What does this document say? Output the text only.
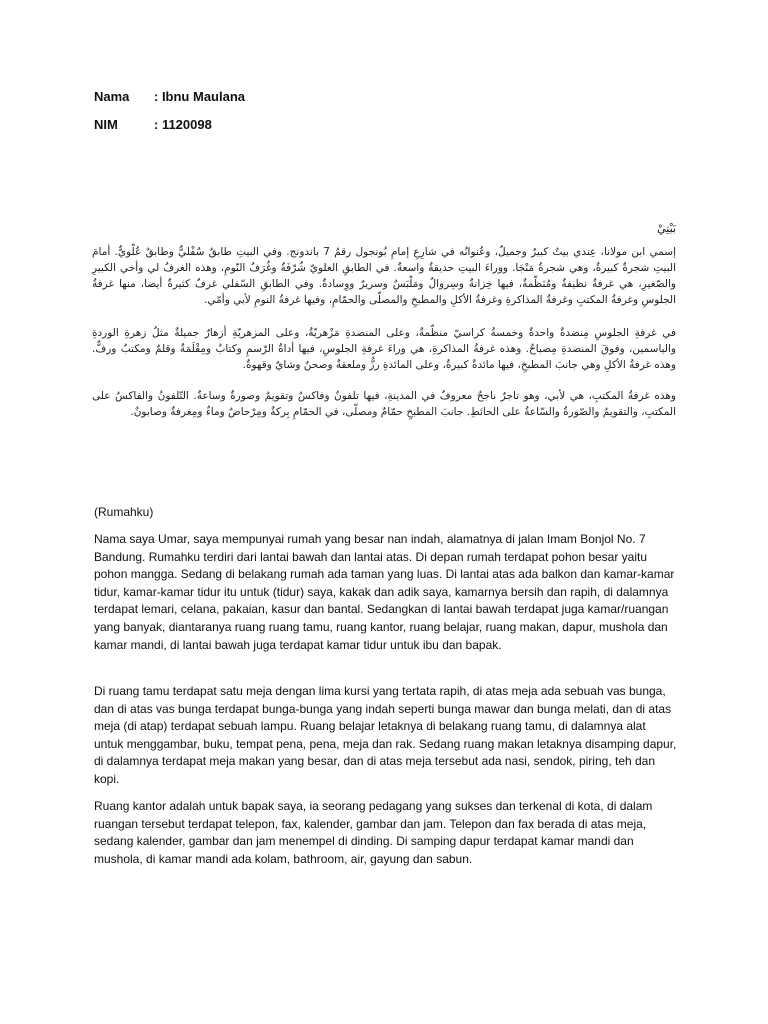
Nama : Ibnu Maulana
NIM	: 1120098
بَيْتِيْ
إسمي ابن مولانا، عِندي بيتٌ كبيرٌ وجميلٌ، وعُنوانُه في شارِعِ إمامِ بُونجول رقمُ 7 باندونج. وفي البيتِ طابقٌ سُفْليٌّ وطابقٌ عُلْويٌّ. أمامَ البيتِ شجرةٌ كبيرةٌ، وهي شجرةُ مَنْجَا. ووراءَ البيتِ حديقةٌ واسعةٌ. في الطابقِ العلويّ شُرْفَةٌ وغُرَفُ النّومِ، وهذه الغرفُ لي وأخي الكبيرِ والصّغيرِ، هي غرفةٌ نظيفةٌ ومُنَظّمةٌ، فيها خِزانةٌ وسِروالٌ ومَلْبَسٌ وسريرٌ ووِسادةٌ. وفي الطابقِ السّفلي غرفٌ كثيرةٌ أيضا، منها غرفةُ الجلوسِ وغرفةُ المكتبِ وغرفةُ المذاكرةِ وغرفةُ الأكلِ والمطبخِ والمصلّى والحمّامِ، وفيها غرفةُ النومِ لأبي وأمّي.
في غرفةِ الجلوسِ مِنضدةٌ واحدةٌ وخمسةُ كراسيّ منظّمةٌ، وعلى المنضدةِ مَزْهريّةٌ، وعلى المزهريّةِ أزهارٌ جميلةٌ مثلُ زهرةِ الوردةِ والياسمين، وفوقَ المنضدةِ مِصباحٌ. وهذه غرفةُ المذاكرةِ، هي وراءَ غرفةِ الجلوسِ، فيها أداةُ الرّسمِ وكتابٌ ومِقْلَمَةٌ وقلمٌ ومكتبٌ ورفٌّ. وهذه غرفةُ الأكلِ وهي جانبَ المطبخِ، فيها مائدةٌ كبيرةٌ، وعلى المائدةِ رزٌّ وملعقةٌ وصحنٌ وشايٌ وقهوةٌ.
وهذه غرفةُ المكتبِ، هي لأبي، وهو تاجرٌ ناجحٌ معروفٌ في المدينةِ، فيها تلفونٌ وفاكسٌ وتقويمٌ وصورةٌ وساعةٌ. التّلفونُ والفاكسُ على المكتبِ، والتقويمُ والصّورةُ والسّاعةُ على الحائطِ. جانبَ المطبخِ حمّامٌ ومصلّى، في الحمّامِ بِركةٌ ومِرْحاضٌ وماءٌ ومِغرفةٌ وصابونٌ.
(Rumahku)

Nama saya Umar, saya mempunyai rumah yang besar nan indah, alamatnya di jalan Imam Bonjol No. 7 Bandung. Rumahku terdiri dari lantai bawah dan lantai atas. Di depan rumah terdapat pohon besar yaitu pohon mangga. Sedang di belakang rumah ada taman yang luas. Di lantai atas ada balkon dan kamar-kamar tidur, kamar-kamar tidur itu untuk (tidur) saya, kakak dan adik saya, kamarnya bersih dan rapih, di dalamnya terdapat lemari, celana, pakaian, kasur dan bantal. Sedangkan di lantai bawah terdapat juga kamar/ruangan yang banyak, diantaranya ruang ruang tamu, ruang kantor, ruang belajar, ruang makan, dapur, mushola dan kamar mandi, di lantai bawah juga terdapat kamar tidur untuk ibu dan bapak.

Di ruang tamu terdapat satu meja dengan lima kursi yang tertata rapih, di atas meja ada sebuah vas bunga, dan di atas vas bunga terdapat bunga-bunga yang indah seperti bunga mawar dan bunga melati, dan di atas meja (di atap) terdapat sebuah lampu. Ruang belajar letaknya di belakang ruang tamu, di dalamnya alat untuk menggambar, buku, tempat pena, pena, meja dan rak. Sedang ruang makan letaknya disamping dapur, di dalamnya terdapat meja makan yang besar, dan di atas meja tersebut ada nasi, sendok, piring, teh dan kopi.

Ruang kantor adalah untuk bapak saya, ia seorang pedagang yang sukses dan terkenal di kota, di dalam ruangan tersebut terdapat telepon, fax, kalender, gambar dan jam. Telepon dan fax berada di atas meja, sedang kalender, gambar dan jam menempel di dinding. Di samping dapur terdapat kamar mandi dan mushola, di kamar mandi ada kolam, bathroom, air, gayung dan sabun.
